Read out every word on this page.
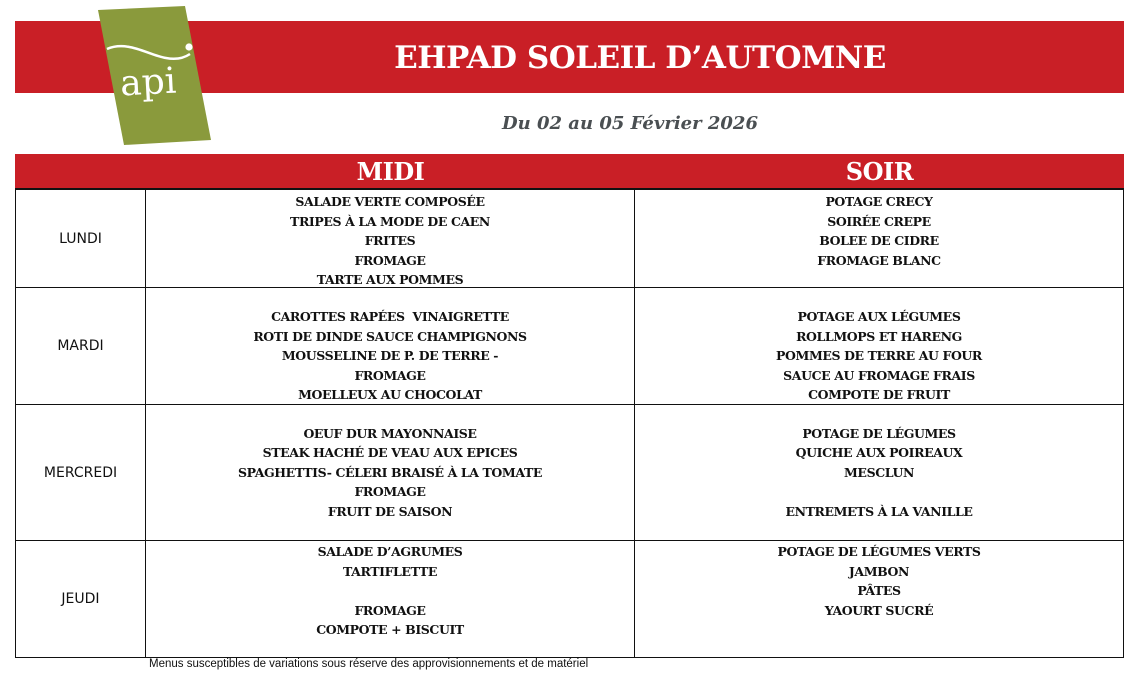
api
EHPAD SOLEIL D’AUTOMNE
Du 02 au 05 Février 2026
MIDI	SOIR
LUNDI
SALADE VERTE COMPOSÉE
TRIPES À LA MODE DE CAEN
FRITES
FROMAGE
TARTE AUX POMMES
POTAGE CRECY
SOIRÉE CREPE
BOLEE DE CIDRE
FROMAGE BLANC
MARDI
CAROTTES RAPÉES  VINAIGRETTE
ROTI DE DINDE SAUCE CHAMPIGNONS
MOUSSELINE DE P. DE TERRE -
FROMAGE
MOELLEUX AU CHOCOLAT
POTAGE AUX LÉGUMES
ROLLMOPS ET HARENG
POMMES DE TERRE AU FOUR
SAUCE AU FROMAGE FRAIS
COMPOTE DE FRUIT
MERCREDI
OEUF DUR MAYONNAISE
STEAK HACHÉ DE VEAU AUX EPICES
SPAGHETTIS- CÉLERI BRAISÉ À LA TOMATE
FROMAGE
FRUIT DE SAISON
POTAGE DE LÉGUMES
QUICHE AUX POIREAUX
MESCLUN
ENTREMETS À LA VANILLE
JEUDI
SALADE D’AGRUMES
TARTIFLETTE
FROMAGE
COMPOTE + BISCUIT
POTAGE DE LÉGUMES VERTS
JAMBON
PÂTES
YAOURT SUCRÉ
Menus susceptibles de variations sous réserve des approvisionnements et de matériel
